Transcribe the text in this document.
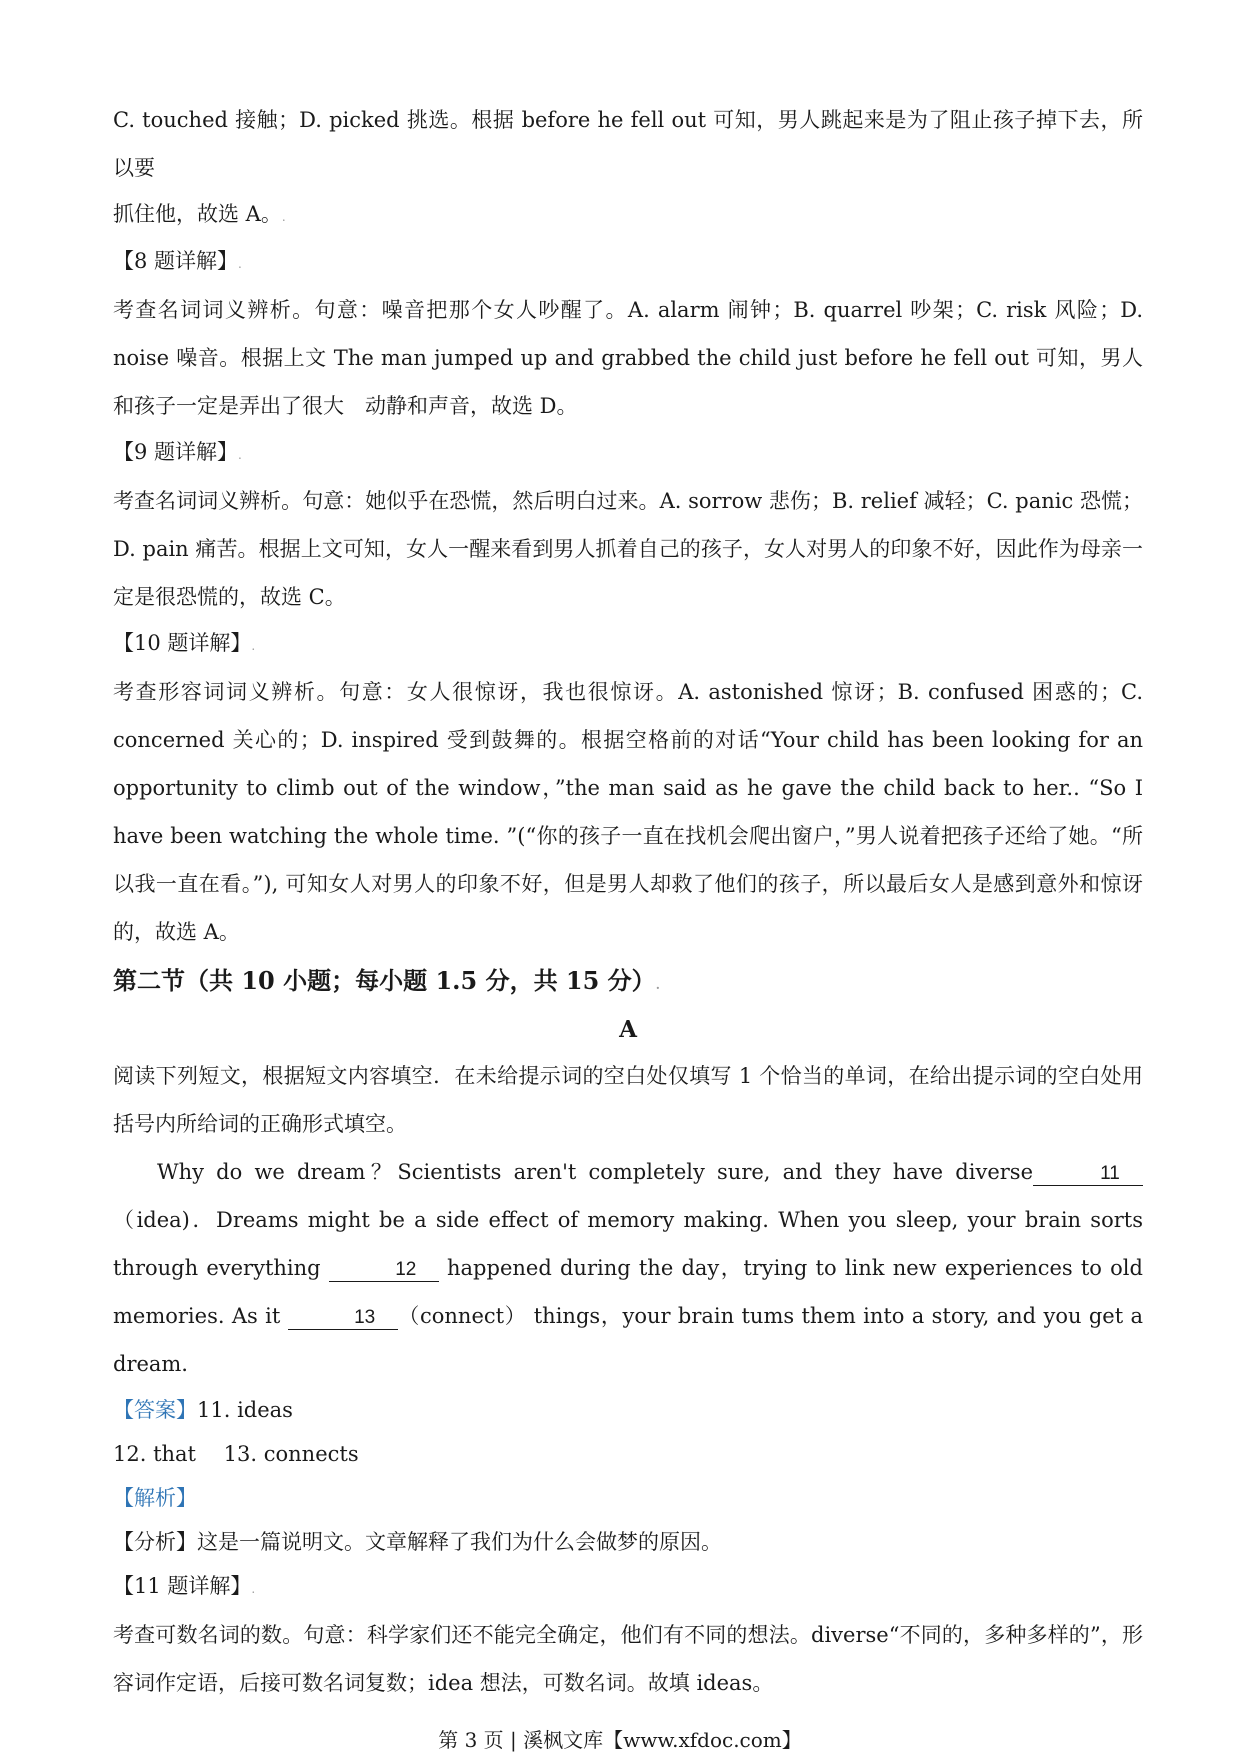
C. touched 接触；D. picked 挑选。根据 before he fell out 可知，男人跳起来是为了阻止孩子掉下去，所以要

抓住他，故选 A。.

【8 题详解】.

考查名词词义辨析。句意：噪音把那个女人吵醒了。A. alarm 闹钟；B. quarrel 吵架；C. risk 风险；D. noise 噪音。根据上文 The man jumped up and grabbed the child just before he fell out 可知，男人和孩子一定是弄出了很大　动静和声音，故选 D。

【9 题详解】.

考查名词词义辨析。句意：她似乎在恐慌，然后明白过来。A. sorrow 悲伤；B. relief 减轻；C. panic 恐慌；D. pain 痛苦。根据上文可知，女人一醒来看到男人抓着自己的孩子，女人对男人的印象不好，因此作为母亲一定是很恐慌的，故选 C。

【10 题详解】.

考查形容词词义辨析。句意：女人很惊讶，我也很惊讶。A. astonished 惊讶；B. confused 困惑的；C. concerned 关心的；D. inspired 受到鼓舞的。根据空格前的对话“Your child has been looking for an opportunity to climb out of the window，”the man said as he gave the child back to her.. “So I have been watching the whole time. ”(“你的孩子一直在找机会爬出窗户，”男人说着把孩子还给了她。“所以我一直在看。”), 可知女人对男人的印象不好，但是男人却救了他们的孩子，所以最后女人是感到意外和惊讶的，故选 A。

第二节（共 10 小题；每小题 1.5 分，共 15 分）.

A

阅读下列短文，根据短文内容填空．在未给提示词的空白处仅填写 1 个恰当的单词，在给出提示词的空白处用括号内所给词的正确形式填空。

Why do we dream？Scientists aren't completely sure, and they have diverse	11（idea)．Dreams might be a side effect of memory making. When you sleep, your brain sorts through everything	12 happened during the day，trying to link new experiences to old memories. As it	13 （connect） things，your brain tums them into a story, and you get a dream．

【答案】11. ideas

12. that　 13. connects

【解析】

【分析】这是一篇说明文。文章解释了我们为什么会做梦的原因。

【11 题详解】.

考查可数名词的数。句意：科学家们还不能完全确定，他们有不同的想法。diverse“不同的，多种多样的”，形容词作定语，后接可数名词复数；idea 想法，可数名词。故填 ideas。

第 3 页 | 溪枫文库【www.xfdoc.com】
